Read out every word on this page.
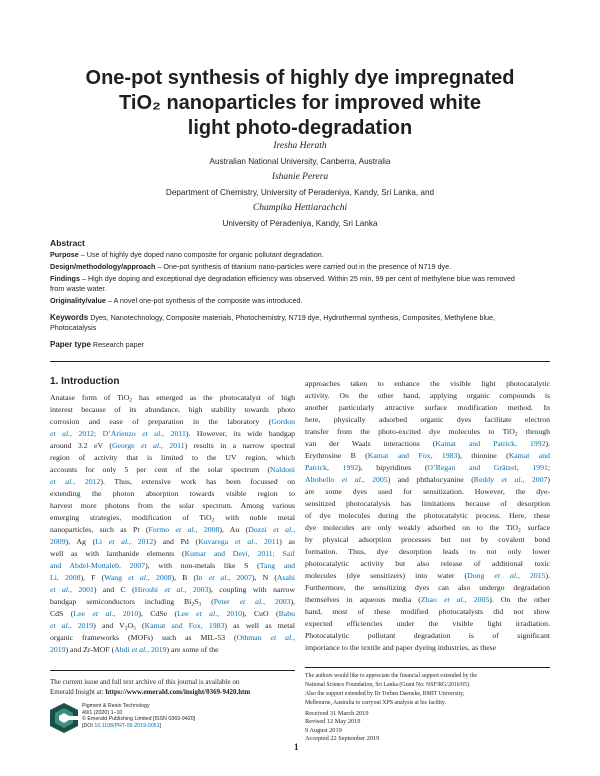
One-pot synthesis of highly dye impregnated
TiO₂ nanoparticles for improved white
light photo-degradation
Iresha Herath
Australian National University, Canberra, Australia
Ishanie Perera
Department of Chemistry, University of Peradeniya, Kandy, Sri Lanka, and
Champika Hettiarachchi
University of Peradeniya, Kandy, Sri Lanka
Abstract
Purpose – Use of highly dye doped nano composite for organic pollutant degradation.
Design/methodology/approach – One-pot synthesis of titanium nano-particles were carried out in the presence of N719 dye.
Findings – High dye doping and exceptional dye degradation efficiency was observed. Within 25 min, 99 per cent of methylene blue was removed
from waste water.
Originality/value – A novel one-pot synthesis of the composite was introduced.
Keywords Dyes, Nanotechnology, Composite materials, Photochemistry, N719 dye, Hydrothermal synthesis, Composites, Methylene blue,
Photocatalysis
Paper type Research paper
1. Introduction
Anatase form of TiO$_2$ has emerged as the photocatalyst of high
interest because of its abundance, high stability towards photo
corrosion and ease of preparation in the laboratory (Gordon
et al., 2012; D’Arienzo et al., 2011). However, its wide bandgap
around 3.2 eV (George et al., 2011) results in a narrow spectral
region of activity that is limited to the UV region, which
accounts for only 5 per cent of the solar spectrum (Naldoni
et al., 2012). Thus, extensive work has been focussed on
extending the photon absorption towards visible region to
harvest more photons from the solar spectrum. Among various
emerging strategies, modification of TiO$_2$ with noble metal
nanoparticles, such as Pt (Formo et al., 2008), Au (Dozzi et al.,
2009), Ag (Li et al., 2012) and Pd (Kuvarega et al., 2011) as
well as with lanthanide elements (Kumar and Devi, 2011; Saif
and Abdel-Mottaleb, 2007), with non-metals like S (Tang and
Li, 2008), F (Wang et al., 2008), B (In et al., 2007), N (Asahi
et al., 2001) and C (Hiroshi et al., 2003), coupling with narrow
bandgap semiconductors including $Bi_2S_3$ (Peter et al., 2003),
CdS (Lee et al., 2010), CdSe (Lee et al., 2010), CuO (Babu
et al., 2019) and $V_2O_5$ (Kamat and Fox, 1983) as well as metal
organic frameworks (MOFs) such as MIL-53 (Othman et al.,
2019) and Zr-MOF (Abdi et al., 2019) are some of the
approaches taken to enhance the visible light photocatalytic
activity. On the other hand, applying organic compounds is
another particularly attractive surface modification method. In
here, physically adsorbed organic dyes facilitate electron
transfer from the photo-excited dye molecules to TiO$_2$ through
van der Waals interactions (Kamat and Patrick, 1992).
Erythrosine B (Kamat and Fox, 1983), thionine (Kamat and
Patrick, 1992), bipyridines (O’Regan and Grätzel, 1991;
Altobello et al., 2005) and phthalocyanine (Reddy et al., 2007)
are some dyes used for sensitization. However, the dye-
sensitized photocatalysis has limitations because of desorption
of dye molecules during the photocatalytic process. Here, these
dye molecules are only weakly adsorbed on to the TiO$_2$ surface
by physical adsorption processes but not by covalent bond
formation. Thus, dye desorption leads to not only lower
photocatalytic activity but also release of additional toxic
molecules (dye sensitizers) into water (Dong et al., 2015).
Furthermore, the sensitizing dyes can also undergo degradation
themselves in aqueous media (Zhao et al., 2005). On the other
hand, most of these modified photocatalysts did not show
expected efficiencies under the visible light irradiation.
Photocatalytic pollutant degradation is of significant
importance to the textile and paper dyeing industries, as these
The current issue and full text archive of this journal is available on
Emerald Insight at: https://www.emerald.com/insight/0369-9420.htm
Pigment & Resin Technology
49/1 (2020) 1–10
© Emerald Publishing Limited [ISSN 0369-9420]
[DOI 10.1108/PRT-05-2019-0051]
The authors would like to appreciate the financial support extended by the
National Science Foundation, Sri Lanka (Grant No: NSF/RG/2016/05).
Also the support extended by Dr Torben Daeneke, RMIT University,
Melbourne, Australia to carryout XPS analysis at his facility.
Received 31 March 2019
Revised 12 May 2019
9 August 2019
Accepted 22 September 2019
1
